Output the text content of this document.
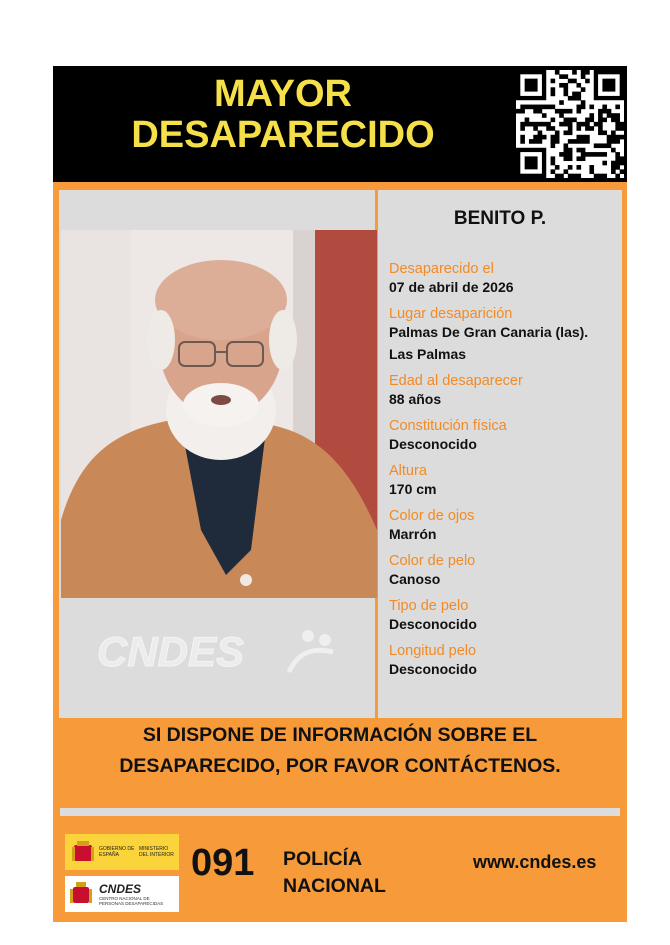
MAYOR
DESAPARECIDO
BENITO P.
Desaparecido el
07 de abril de 2026
Lugar desaparición
Palmas De Gran Canaria (las).
Las Palmas
Edad al desaparecer
88 años
Constitución física
Desconocido
Altura
170 cm
Color de ojos
Marrón
Color de pelo
Canoso
Tipo de pelo
Desconocido
Longitud pelo
Desconocido
CNDES
SI DISPONE DE INFORMACIÓN SOBRE EL
DESAPARECIDO, POR FAVOR CONTÁCTENOS.
GOBIERNO DE ESPAÑA
MINISTERIO DEL INTERIOR
CNDES
CENTRO NACIONAL DE PERSONAS DESAPARECIDAS
091 POLICÍA
NACIONAL
www.cndes.es
